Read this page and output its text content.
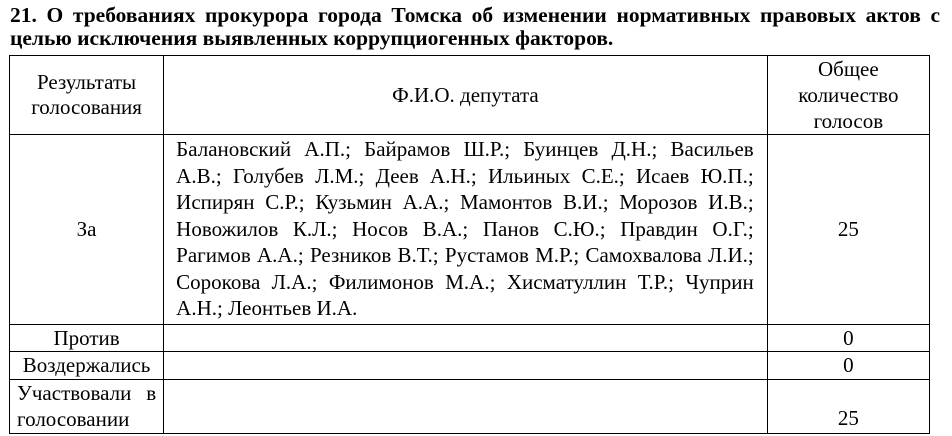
21. О требованиях прокурора города Томска об изменении нормативных правовых актов с целью исключения выявленных коррупциогенных факторов.
Результаты голосования	Ф.И.О. депутата	Общее количество голосов
За	Балановский А.П.; Байрамов Ш.Р.; Буинцев Д.Н.; Васильев А.В.; Голубев Л.М.; Деев А.Н.; Ильиных С.Е.; Исаев Ю.П.; Испирян С.Р.; Кузьмин А.А.; Мамонтов В.И.; Морозов И.В.; Новожилов К.Л.; Носов В.А.; Панов С.Ю.; Правдин О.Г.; Рагимов А.А.; Резников В.Т.; Рустамов М.Р.; Самохвалова Л.И.; Сорокова Л.А.; Филимонов М.А.; Хисматуллин Т.Р.; Чуприн А.Н.; Леонтьев И.А.	25
Против		0
Воздержались		0
Участвовали в голосовании		25
